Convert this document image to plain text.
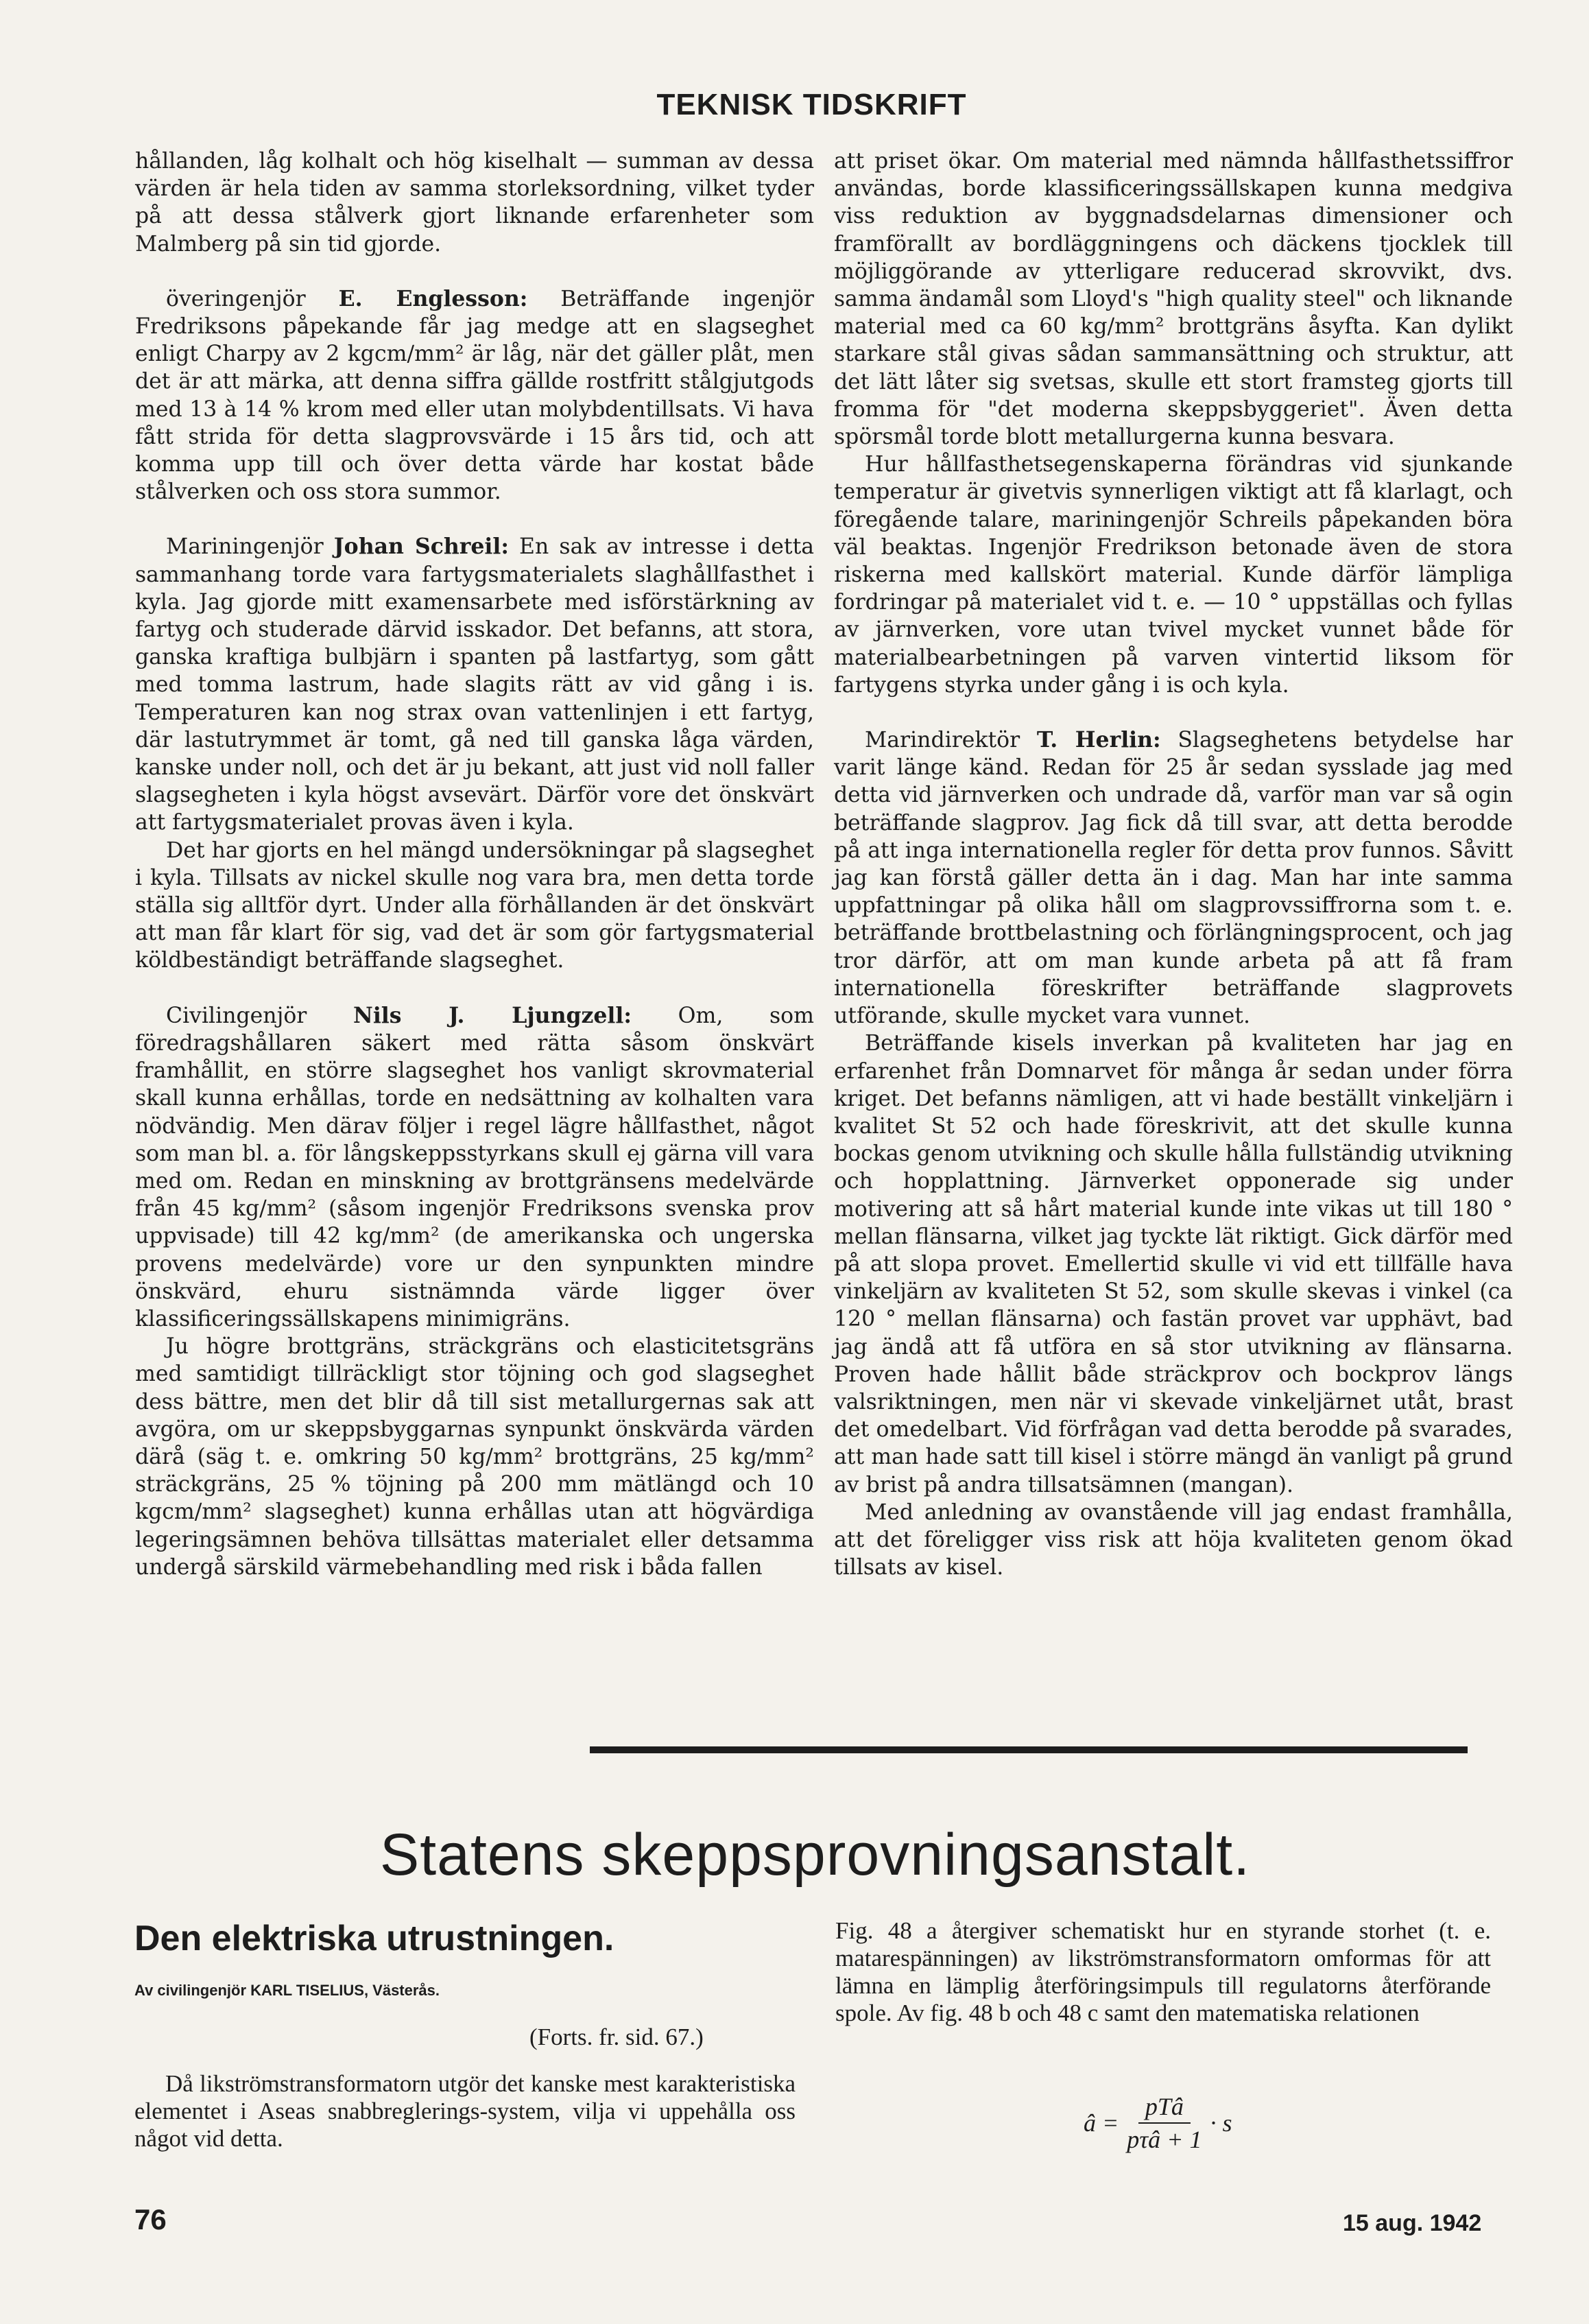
TEKNISK TIDSKRIFT

hållanden, låg kolhalt och hög kiselhalt — summan av dessa värden är hela tiden av samma storleksordning, vilket tyder på att dessa stålverk gjort liknande erfarenheter som Malmberg på sin tid gjorde.

överingenjör E. Englesson: Beträffande ingenjör Fredriksons påpekande får jag medge att en slagseghet enligt Charpy av 2 kgcm/mm² är låg, när det gäller plåt, men det är att märka, att denna siffra gällde rostfritt stålgjutgods med 13 à 14 % krom med eller utan molybdentillsats. Vi hava fått strida för detta slagprovsvärde i 15 års tid, och att komma upp till och över detta värde har kostat både stålverken och oss stora summor.

Mariningenjör Johan Schreil: En sak av intresse i detta sammanhang torde vara fartygsmaterialets slaghållfasthet i kyla. Jag gjorde mitt examensarbete med isförstärkning av fartyg och studerade därvid isskador. Det befanns, att stora, ganska kraftiga bulbjärn i spanten på lastfartyg, som gått med tomma lastrum, hade slagits rätt av vid gång i is. Temperaturen kan nog strax ovan vattenlinjen i ett fartyg, där lastutrymmet är tomt, gå ned till ganska låga värden, kanske under noll, och det är ju bekant, att just vid noll faller slagsegheten i kyla högst avsevärt. Därför vore det önskvärt att fartygsmaterialet provas även i kyla.

Det har gjorts en hel mängd undersökningar på slagseghet i kyla. Tillsats av nickel skulle nog vara bra, men detta torde ställa sig alltför dyrt. Under alla förhållanden är det önskvärt att man får klart för sig, vad det är som gör fartygsmaterial köldbeständigt beträffande slagseghet.

Civilingenjör Nils J. Ljungzell: Om, som föredragshållaren säkert med rätta såsom önskvärt framhållit, en större slagseghet hos vanligt skrovmaterial skall kunna erhållas, torde en nedsättning av kolhalten vara nödvändig. Men därav följer i regel lägre hållfasthet, något som man bl. a. för långskeppsstyrkans skull ej gärna vill vara med om. Redan en minskning av brottgränsens medelvärde från 45 kg/mm² (såsom ingenjör Fredriksons svenska prov uppvisade) till 42 kg/mm² (de amerikanska och ungerska provens medelvärde) vore ur den synpunkten mindre önskvärd, ehuru sistnämnda värde ligger över klassificeringssällskapens minimigräns.

Ju högre brottgräns, sträckgräns och elasticitetsgräns med samtidigt tillräckligt stor töjning och god slagseghet dess bättre, men det blir då till sist metallurgernas sak att avgöra, om ur skeppsbyggarnas synpunkt önskvärda värden därå (säg t. e. omkring 50 kg/mm² brottgräns, 25 kg/mm² sträckgräns, 25 % töjning på 200 mm mätlängd och 10 kgcm/mm² slagseghet) kunna erhållas utan att högvärdiga legeringsämnen behöva tillsättas materialet eller detsamma undergå särskild värmebehandling med risk i båda fallen

att priset ökar. Om material med nämnda hållfasthetssiffror användas, borde klassificeringssällskapen kunna medgiva viss reduktion av byggnadsdelarnas dimensioner och framförallt av bordläggningens och däckens tjocklek till möjliggörande av ytterligare reducerad skrovvikt, dvs. samma ändamål som Lloyd's "high quality steel" och liknande material med ca 60 kg/mm² brottgräns åsyfta. Kan dylikt starkare stål givas sådan sammansättning och struktur, att det lätt låter sig svetsas, skulle ett stort framsteg gjorts till fromma för "det moderna skeppsbyggeriet". Även detta spörsmål torde blott metallurgerna kunna besvara.

Hur hållfasthetsegenskaperna förändras vid sjunkande temperatur är givetvis synnerligen viktigt att få klarlagt, och föregående talare, mariningenjör Schreils påpekanden böra väl beaktas. Ingenjör Fredrikson betonade även de stora riskerna med kallskört material. Kunde därför lämpliga fordringar på materialet vid t. e. — 10 ° uppställas och fyllas av järnverken, vore utan tvivel mycket vunnet både för materialbearbetningen på varven vintertid liksom för fartygens styrka under gång i is och kyla.

Marindirektör T. Herlin: Slagseghetens betydelse har varit länge känd. Redan för 25 år sedan sysslade jag med detta vid järnverken och undrade då, varför man var så ogin beträffande slagprov. Jag fick då till svar, att detta berodde på att inga internationella regler för detta prov funnos. Såvitt jag kan förstå gäller detta än i dag. Man har inte samma uppfattningar på olika håll om slagprovssiffrorna som t. e. beträffande brottbelastning och förlängningsprocent, och jag tror därför, att om man kunde arbeta på att få fram internationella föreskrifter beträffande slagprovets utförande, skulle mycket vara vunnet.

Beträffande kisels inverkan på kvaliteten har jag en erfarenhet från Domnarvet för många år sedan under förra kriget. Det befanns nämligen, att vi hade beställt vinkeljärn i kvalitet St 52 och hade föreskrivit, att det skulle kunna bockas genom utvikning och skulle hålla fullständig utvikning och hopplattning. Järnverket opponerade sig under motivering att så hårt material kunde inte vikas ut till 180 ° mellan flänsarna, vilket jag tyckte lät riktigt. Gick därför med på att slopa provet. Emellertid skulle vi vid ett tillfälle hava vinkeljärn av kvaliteten St 52, som skulle skevas i vinkel (ca 120 ° mellan flänsarna) och fastän provet var upphävt, bad jag ändå att få utföra en så stor utvikning av flänsarna. Proven hade hållit både sträckprov och bockprov längs valsriktningen, men när vi skevade vinkeljärnet utåt, brast det omedelbart. Vid förfrågan vad detta berodde på svarades, att man hade satt till kisel i större mängd än vanligt på grund av brist på andra tillsatsämnen (mangan).

Med anledning av ovanstående vill jag endast framhålla, att det föreligger viss risk att höja kvaliteten genom ökad tillsats av kisel.

Statens skeppsprovningsanstalt.
Den elektriska utrustningen.
Av civilingenjör KARL TISELIUS, Västerås.
(Forts. fr. sid. 67.)
Då likströmstransformatorn utgör det kanske mest karakteristiska elementet i Aseas snabbreglerings-system, vilja vi uppehålla oss något vid detta.
Fig. 48 a återgiver schematiskt hur en styrande storhet (t. e. matarespänningen) av likströmstransformatorn omformas för att lämna en lämplig återföringsimpuls till regulatorns återförande spole. Av fig. 48 b och 48 c samt den matematiska relationen
â = $\frac{\text{pTâ}}{\text{pτâ + 1}} \cdot s$
76	15 aug. 1942
